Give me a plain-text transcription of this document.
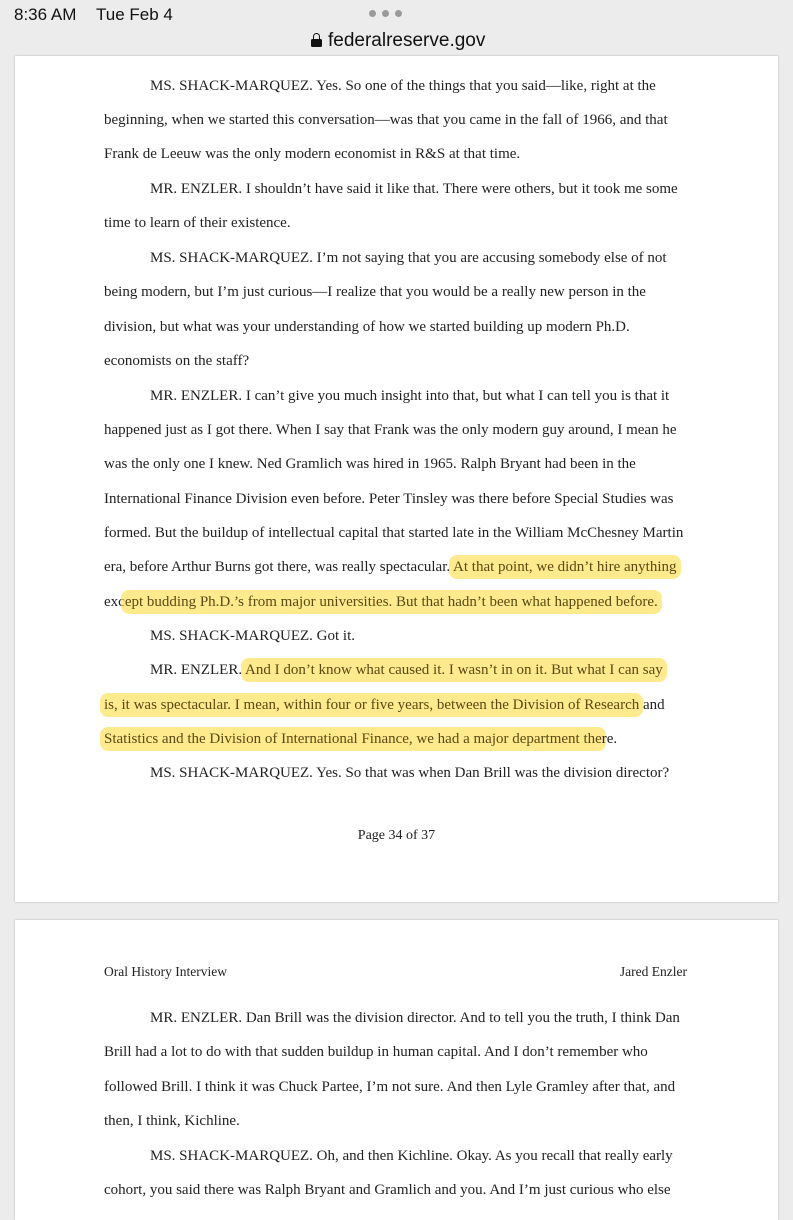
8:36 AM Tue Feb 4
federalreserve.gov
MS. SHACK-MARQUEZ. Yes. So one of the things that you said—like, right at the
beginning, when we started this conversation—was that you came in the fall of 1966, and that
Frank de Leeuw was the only modern economist in R&S at that time.
MR. ENZLER. I shouldn’t have said it like that. There were others, but it took me some
time to learn of their existence.
MS. SHACK-MARQUEZ. I’m not saying that you are accusing somebody else of not
being modern, but I’m just curious—I realize that you would be a really new person in the
division, but what was your understanding of how we started building up modern Ph.D.
economists on the staff?
MR. ENZLER. I can’t give you much insight into that, but what I can tell you is that it
happened just as I got there. When I say that Frank was the only modern guy around, I mean he
was the only one I knew. Ned Gramlich was hired in 1965. Ralph Bryant had been in the
International Finance Division even before. Peter Tinsley was there before Special Studies was
formed. But the buildup of intellectual capital that started late in the William McChesney Martin
era, before Arthur Burns got there, was really spectacular. At that point, we didn’t hire anything
except budding Ph.D.’s from major universities. But that hadn’t been what happened before.
MS. SHACK-MARQUEZ. Got it.
MR. ENZLER. And I don’t know what caused it. I wasn’t in on it. But what I can say
is, it was spectacular. I mean, within four or five years, between the Division of Research and
Statistics and the Division of International Finance, we had a major department there.
MS. SHACK-MARQUEZ. Yes. So that was when Dan Brill was the division director?
Page 34 of 37
Oral History Interview	Jared Enzler
MR. ENZLER. Dan Brill was the division director. And to tell you the truth, I think Dan
Brill had a lot to do with that sudden buildup in human capital. And I don’t remember who
followed Brill. I think it was Chuck Partee, I’m not sure. And then Lyle Gramley after that, and
then, I think, Kichline.
MS. SHACK-MARQUEZ. Oh, and then Kichline. Okay. As you recall that really early
cohort, you said there was Ralph Bryant and Gramlich and you. And I’m just curious who else
